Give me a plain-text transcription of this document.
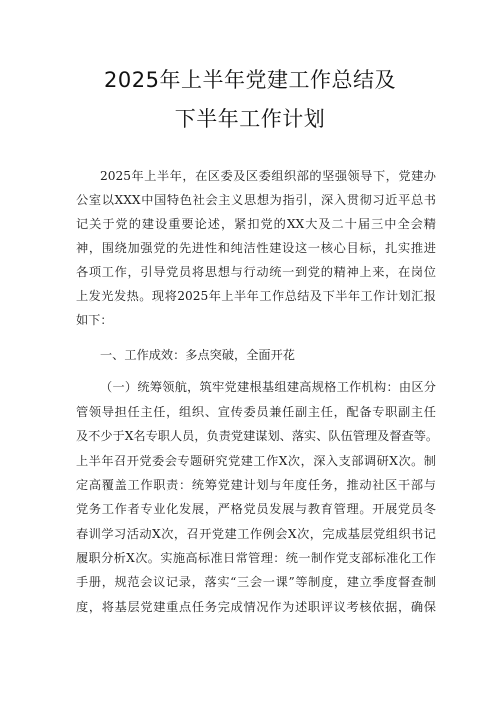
2025年上半年党建工作总结及
下半年工作计划
2025年上半年，在区委及区委组织部的坚强领导下，党建办
公室以XXX中国特色社会主义思想为指引，深入贯彻习近平总书
记关于党的建设重要论述，紧扣党的XX大及二十届三中全会精
神，围绕加强党的先进性和纯洁性建设这一核心目标，扎实推进
各项工作，引导党员将思想与行动统一到党的精神上来，在岗位
上发光发热。现将2025年上半年工作总结及下半年工作计划汇报
如下：
一、工作成效：多点突破，全面开花
（一）统筹领航，筑牢党建根基组建高规格工作机构：由区分
管领导担任主任，组织、宣传委员兼任副主任，配备专职副主任
及不少于X名专职人员，负责党建谋划、落实、队伍管理及督查等。
上半年召开党委会专题研究党建工作X次，深入支部调研X次。制
定高覆盖工作职责：统筹党建计划与年度任务，推动社区干部与
党务工作者专业化发展，严格党员发展与教育管理。开展党员冬
春训学习活动X次，召开党建工作例会X次，完成基层党组织书记
履职分析X次。实施高标准日常管理：统一制作党支部标准化工作
手册，规范会议记录，落实“三会一课”等制度，建立季度督查制
度，将基层党建重点任务完成情况作为述职评议考核依据，确保
